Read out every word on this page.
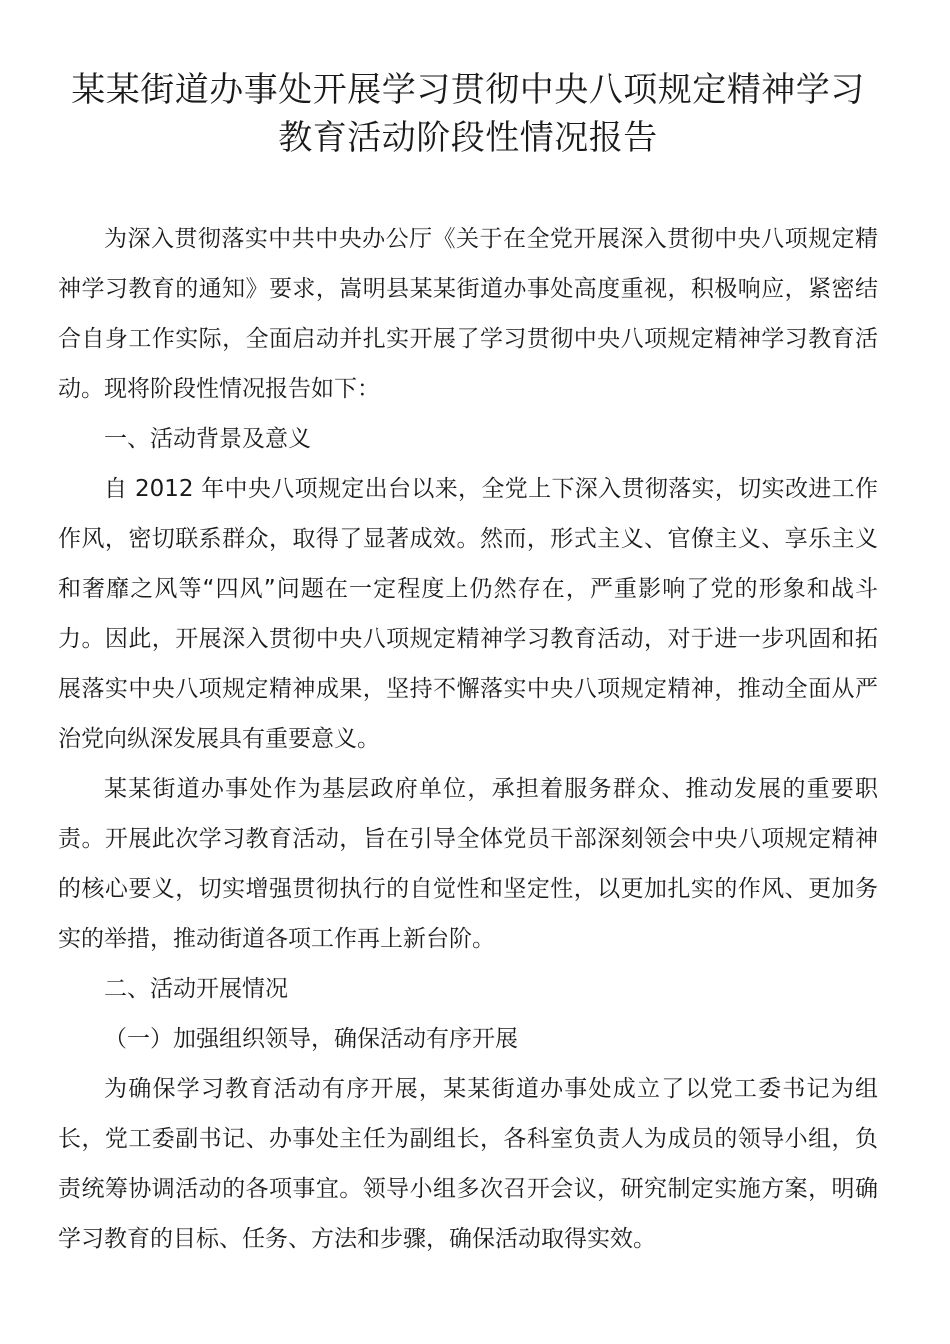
某某街道办事处开展学习贯彻中央八项规定精神学习
教育活动阶段性情况报告

为深入贯彻落实中共中央办公厅《关于在全党开展深入贯彻中央八项规定精神学习教育的通知》要求，嵩明县某某街道办事处高度重视，积极响应，紧密结合自身工作实际，全面启动并扎实开展了学习贯彻中央八项规定精神学习教育活动。现将阶段性情况报告如下：

一、活动背景及意义

自 2012 年中央八项规定出台以来，全党上下深入贯彻落实，切实改进工作作风，密切联系群众，取得了显著成效。然而，形式主义、官僚主义、享乐主义和奢靡之风等“四风”问题在一定程度上仍然存在，严重影响了党的形象和战斗力。因此，开展深入贯彻中央八项规定精神学习教育活动，对于进一步巩固和拓展落实中央八项规定精神成果，坚持不懈落实中央八项规定精神，推动全面从严治党向纵深发展具有重要意义。

某某街道办事处作为基层政府单位，承担着服务群众、推动发展的重要职责。开展此次学习教育活动，旨在引导全体党员干部深刻领会中央八项规定精神的核心要义，切实增强贯彻执行的自觉性和坚定性，以更加扎实的作风、更加务实的举措，推动街道各项工作再上新台阶。

二、活动开展情况

（一）加强组织领导，确保活动有序开展

为确保学习教育活动有序开展，某某街道办事处成立了以党工委书记为组长，党工委副书记、办事处主任为副组长，各科室负责人为成员的领导小组，负责统筹协调活动的各项事宜。领导小组多次召开会议，研究制定实施方案，明确学习教育的目标、任务、方法和步骤，确保活动取得实效。
